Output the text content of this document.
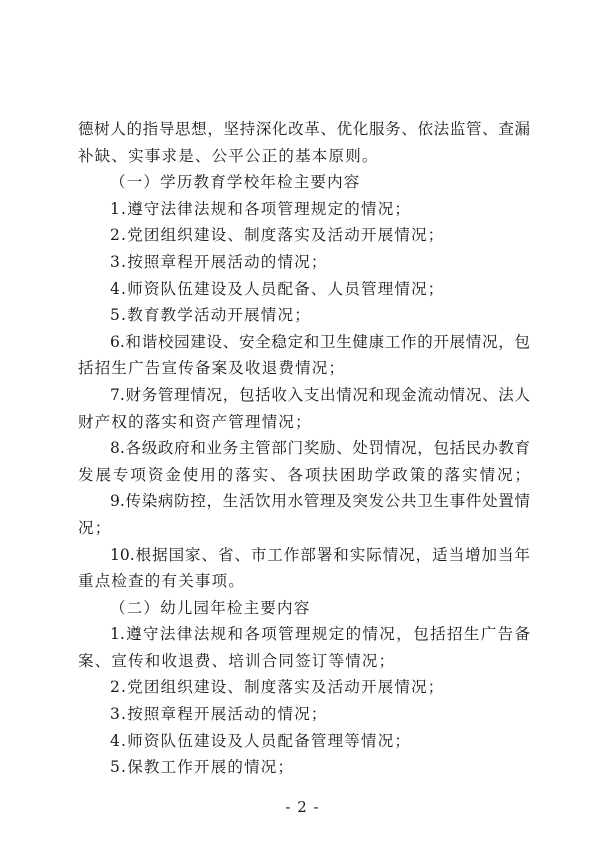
德树人的指导思想，坚持深化改革、优化服务、依法监管、查漏
补缺、实事求是、公平公正的基本原则。
（一）学历教育学校年检主要内容
1.遵守法律法规和各项管理规定的情况；
2.党团组织建设、制度落实及活动开展情况；
3.按照章程开展活动的情况；
4.师资队伍建设及人员配备、人员管理情况；
5.教育教学活动开展情况；
6.和谐校园建设、安全稳定和卫生健康工作的开展情况，包
括招生广告宣传备案及收退费情况；
7.财务管理情况，包括收入支出情况和现金流动情况、法人
财产权的落实和资产管理情况；
8.各级政府和业务主管部门奖励、处罚情况，包括民办教育
发展专项资金使用的落实、各项扶困助学政策的落实情况；
9.传染病防控，生活饮用水管理及突发公共卫生事件处置情
况；
10.根据国家、省、市工作部署和实际情况，适当增加当年
重点检查的有关事项。
（二）幼儿园年检主要内容
1.遵守法律法规和各项管理规定的情况，包括招生广告备
案、宣传和收退费、培训合同签订等情况；
2.党团组织建设、制度落实及活动开展情况；
3.按照章程开展活动的情况；
4.师资队伍建设及人员配备管理等情况；
5.保教工作开展的情况；
- 2 -
